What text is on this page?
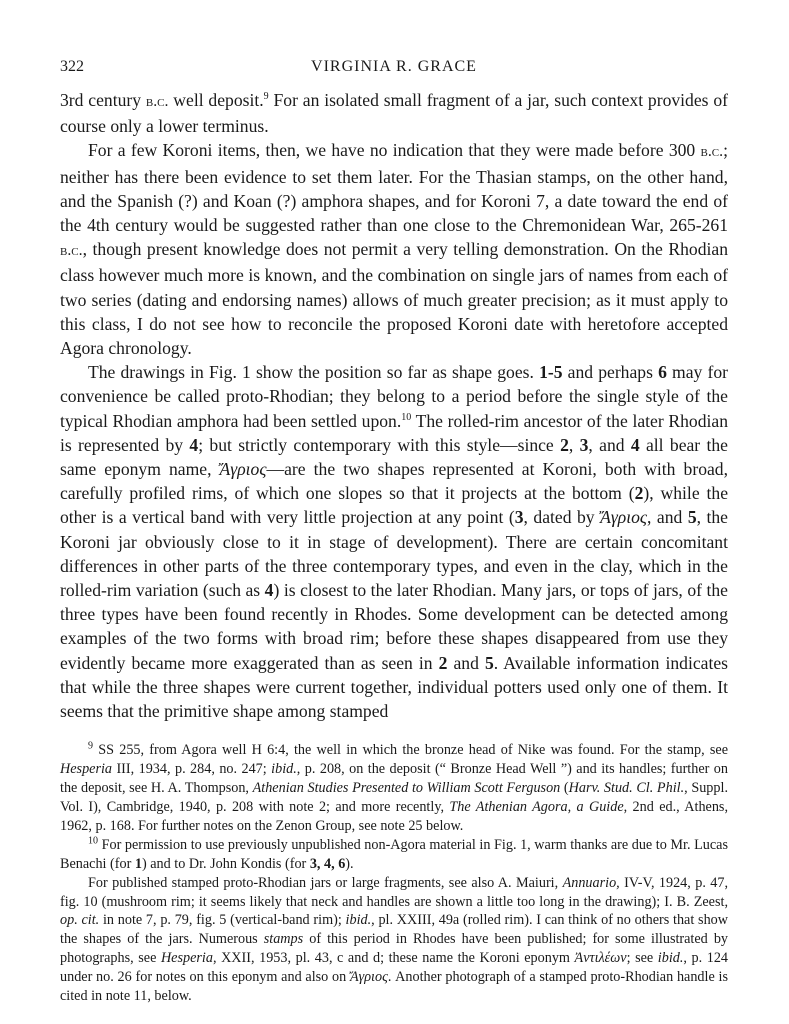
322	VIRGINIA R. GRACE

3rd century b.c. well deposit.$^9$ For an isolated small fragment of a jar, such context provides of course only a lower terminus.

For a few Koroni items, then, we have no indication that they were made before 300 b.c.; neither has there been evidence to set them later. For the Thasian stamps, on the other hand, and the Spanish (?) and Koan (?) amphora shapes, and for Koroni 7, a date toward the end of the 4th century would be suggested rather than one close to the Chremonidean War, 265-261 b.c., though present knowledge does not permit a very telling demonstration. On the Rhodian class however much more is known, and the combination on single jars of names from each of two series (dating and endorsing names) allows of much greater precision; as it must apply to this class, I do not see how to reconcile the proposed Koroni date with heretofore accepted Agora chronology.

The drawings in Fig. 1 show the position so far as shape goes. 1-5 and perhaps 6 may for convenience be called proto-Rhodian; they belong to a period before the single style of the typical Rhodian amphora had been settled upon.$^{10}$ The rolled-rim ancestor of the later Rhodian is represented by 4; but strictly contemporary with this style—since 2, 3, and 4 all bear the same eponym name, Ἄγριος—are the two shapes represented at Koroni, both with broad, carefully profiled rims, of which one slopes so that it projects at the bottom (2), while the other is a vertical band with very little projection at any point (3, dated by Ἄγριος, and 5, the Koroni jar obviously close to it in stage of development). There are certain concomitant differences in other parts of the three contemporary types, and even in the clay, which in the rolled-rim variation (such as 4) is closest to the later Rhodian. Many jars, or tops of jars, of the three types have been found recently in Rhodes. Some development can be detected among examples of the two forms with broad rim; before these shapes disappeared from use they evidently became more exaggerated than as seen in 2 and 5. Available information indicates that while the three shapes were current together, individual potters used only one of them. It seems that the primitive shape among stamped

$^9$ SS 255, from Agora well H 6:4, the well in which the bronze head of Nike was found. For the stamp, see Hesperia III, 1934, p. 284, no. 247; ibid., p. 208, on the deposit (“ Bronze Head Well ”) and its handles; further on the deposit, see H. A. Thompson, Athenian Studies Presented to William Scott Ferguson (Harv. Stud. Cl. Phil., Suppl. Vol. I), Cambridge, 1940, p. 208 with note 2; and more recently, The Athenian Agora, a Guide, 2nd ed., Athens, 1962, p. 168. For further notes on the Zenon Group, see note 25 below.

$^{10}$ For permission to use previously unpublished non-Agora material in Fig. 1, warm thanks are due to Mr. Lucas Benachi (for 1) and to Dr. John Kondis (for 3, 4, 6).

For published stamped proto-Rhodian jars or large fragments, see also A. Maiuri, Annuario, IV-V, 1924, p. 47, fig. 10 (mushroom rim; it seems likely that neck and handles are shown a little too long in the drawing); I. B. Zeest, op. cit. in note 7, p. 79, fig. 5 (vertical-band rim); ibid., pl. XXIII, 49a (rolled rim). I can think of no others that show the shapes of the jars. Numerous stamps of this period in Rhodes have been published; for some illustrated by photographs, see Hesperia, XXII, 1953, pl. 43, c and d; these name the Koroni eponym Ἀντιλέων; see ibid., p. 124 under no. 26 for notes on this eponym and also on Ἄγριος. Another photograph of a stamped proto-Rhodian handle is cited in note 11, below.
